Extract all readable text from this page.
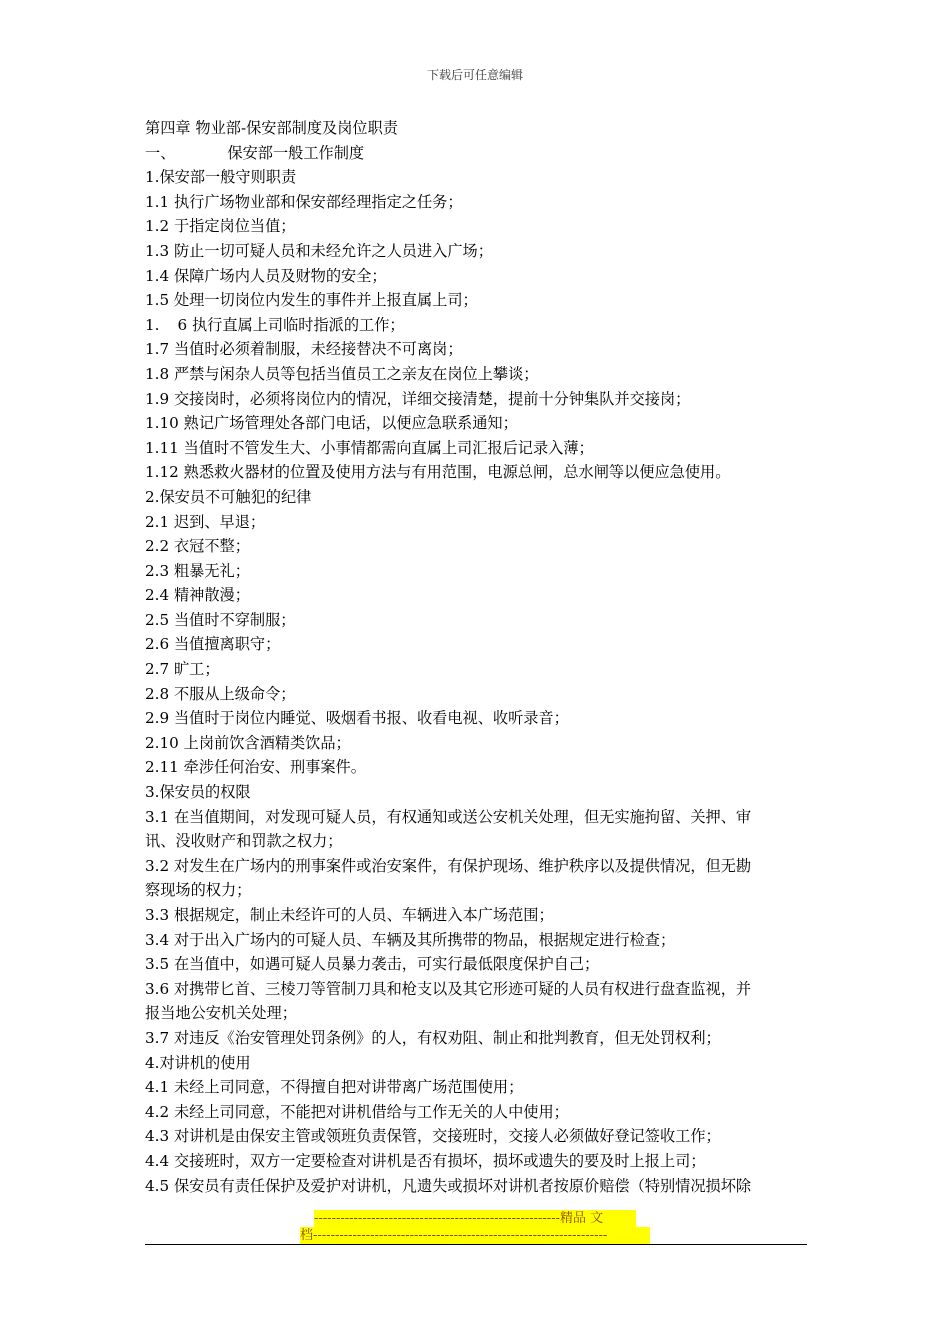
下载后可任意编辑
第四章 物业部-保安部制度及岗位职责
一、	保安部一般工作制度
1.保安部一般守则职责
1.1 执行广场物业部和保安部经理指定之任务；
1.2 于指定岗位当值；
1.3 防止一切可疑人员和未经允许之人员进入广场；
1.4 保障广场内人员及财物的安全；
1.5 处理一切岗位内发生的事件并上报直属上司；
1. 6 执行直属上司临时指派的工作；
1.7 当值时必须着制服，未经接替决不可离岗；
1.8 严禁与闲杂人员等包括当值员工之亲友在岗位上攀谈；
1.9 交接岗时，必须将岗位内的情况，详细交接清楚，提前十分钟集队并交接岗；
1.10 熟记广场管理处各部门电话，以便应急联系通知；
1.11 当值时不管发生大、小事情都需向直属上司汇报后记录入薄；
1.12 熟悉救火器材的位置及使用方法与有用范围，电源总闸，总水闸等以便应急使用。
2.保安员不可触犯的纪律
2.1 迟到、早退；
2.2 衣冠不整；
2.3 粗暴无礼；
2.4 精神散漫；
2.5 当值时不穿制服；
2.6 当值擅离职守；
2.7 旷工；
2.8 不服从上级命令；
2.9 当值时于岗位内睡觉、吸烟看书报、收看电视、收听录音；
2.10 上岗前饮含酒精类饮品；
2.11 牵涉任何治安、刑事案件。
3.保安员的权限
3.1 在当值期间，对发现可疑人员，有权通知或送公安机关处理，但无实施拘留、关押、审
讯、没收财产和罚款之权力；
3.2 对发生在广场内的刑事案件或治安案件，有保护现场、维护秩序以及提供情况，但无勘
察现场的权力；
3.3 根据规定，制止未经许可的人员、车辆进入本广场范围；
3.4 对于出入广场内的可疑人员、车辆及其所携带的物品，根据规定进行检查；
3.5 在当值中，如遇可疑人员暴力袭击，可实行最低限度保护自己；
3.6 对携带匕首、三棱刀等管制刀具和枪支以及其它形迹可疑的人员有权进行盘查监视，并
报当地公安机关处理；
3.7 对违反《治安管理处罚条例》的人，有权劝阻、制止和批判教育，但无处罚权利；
4.对讲机的使用
4.1 未经上司同意，不得擅自把对讲带离广场范围使用；
4.2 未经上司同意，不能把对讲机借给与工作无关的人中使用；
4.3 对讲机是由保安主管或领班负责保管，交接班时，交接人必须做好登记签收工作；
4.4 交接班时，双方一定要检查对讲机是否有损坏，损坏或遗失的要及时上报上司；
4.5 保安员有责任保护及爱护对讲机，凡遗失或损坏对讲机者按原价赔偿（特别情况损坏除
--------------------------------------------------------精品 文
档-------------------------------------------------------------------
